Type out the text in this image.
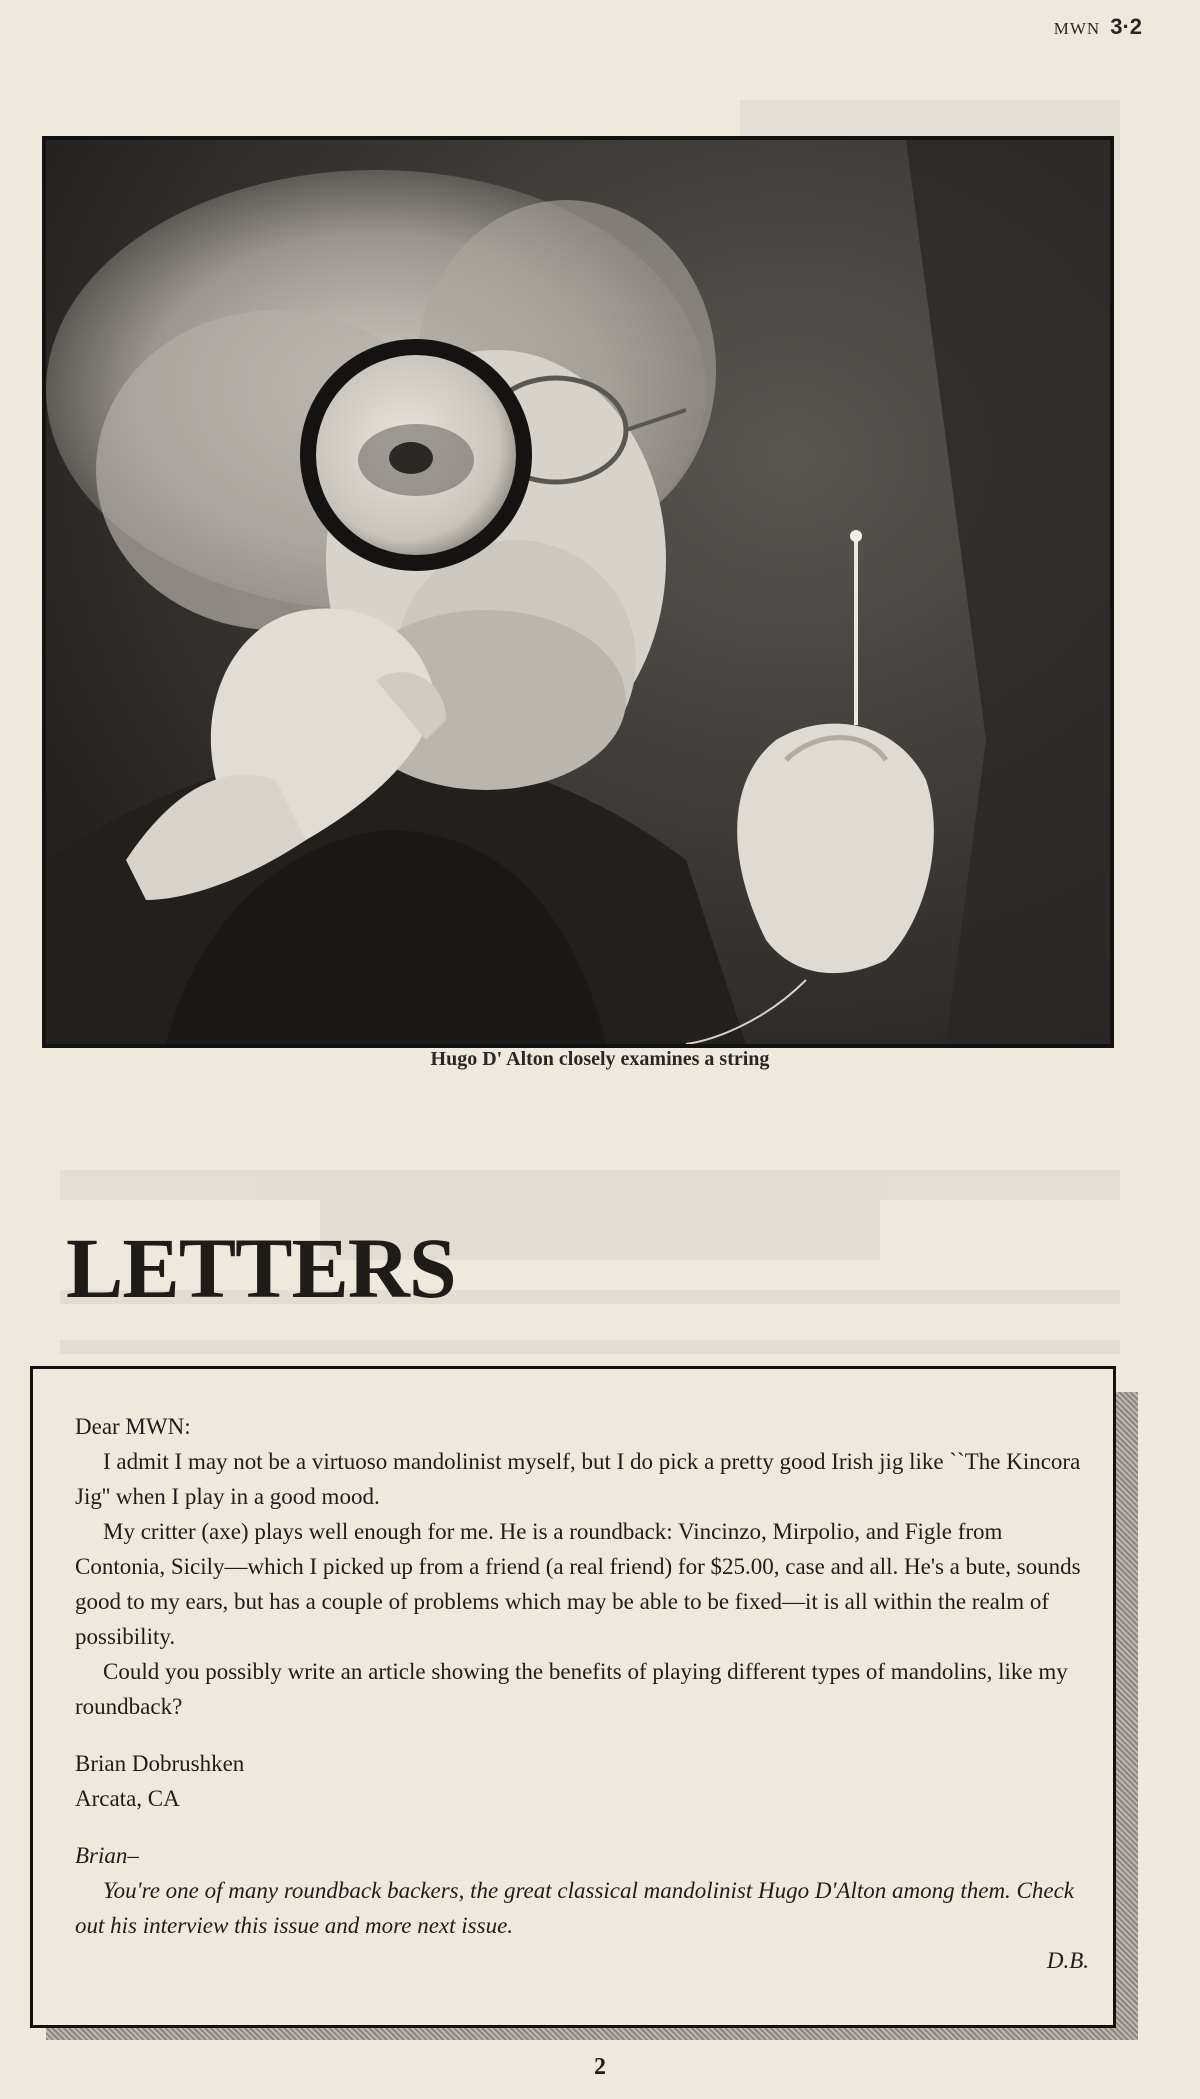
MWN 3·2
Hugo D' Alton closely examines a string
LETTERS

Dear MWN:

I admit I may not be a virtuoso mandolinist myself, but I do pick a pretty good Irish jig like ``The Kincora Jig'' when I play in a good mood.

My critter (axe) plays well enough for me. He is a roundback: Vincinzo, Mirpolio, and Figle from Contonia, Sicily—which I picked up from a friend (a real friend) for $25.00, case and all. He's a bute, sounds good to my ears, but has a couple of problems which may be able to be fixed—it is all within the realm of possibility.

Could you possibly write an article showing the benefits of playing different types of mandolins, like my roundback?

Brian Dobrushken

Arcata, CA

Brian–

You're one of many roundback backers, the great classical mandolinist Hugo D'Alton among them. Check out his interview this issue and more next issue.

D.B.

2
